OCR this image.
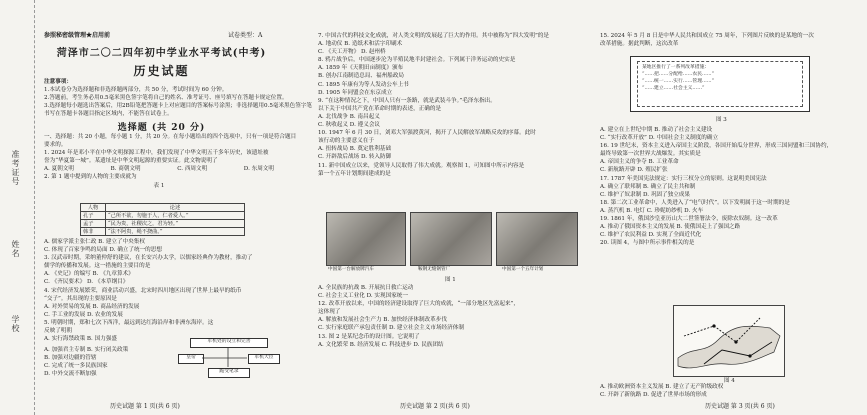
准考证号
姓名
学校
参照秘密级管理★启用前	试卷类型：A
菏泽市二〇二四年初中学业水平考试(中考)
历史试题
注意事项：
1.本试卷分为选择题和非选择题两部分，共 50 分，考试时间为 60 分钟。
2.答题前，考生务必用0.5毫米黑色签字笔将自己的姓名、准考证号、座号填写在答题卡规定位置。
3.选择题每小题选出答案后，用2B铅笔把答题卡上对应题目的答案标号涂黑；非选择题用0.5毫米黑色签字笔
书写在答题卡各题目指定区域内，不能答在试卷上。
选择题 (共 20 分)
一、选择题：共 20 小题，每小题 1 分，共 20 分。在每小题给出的四个选项中，只有一项是符合题目
要求的。
1. 2024 年是邓小平在中华文明探源工程中，我们发现了中华文明五千多年历史，该遗址被
誉为“华夏第一城”。某遗址是中华文明起源的重要实证。此文物说明了
A. 夏朝文明	B. 商朝文明	C. 西周文明	D. 东周文明
2. 第 1 题中提到的人物的主要成就为
表 1
人物	论述
孔子	“己所不欲，勿施于人，仁者爱人。”
孟子	“民为贵，社稷次之，君为轻。”
韩非	“法不阿贵，绳不挠曲。”
A. 儒家学派主张仁政 B. 建立了中央集权
C. 体现了百家争鸣的局面 D. 确立了统一的思想
3. 汉武帝时期，采纳董仲舒的建议，在长安兴办太学，以儒家经典作为教材，推动了
儒学的传播和发展。这一措施的主要目的是
A. 《史记》的编写 B. 《九章算术》
C. 《齐民要术》 D. 《本草纲目》
4. 宋代经济发展繁荣，商业活动兴盛，北宋时四川地区出现了世界上最早的纸币
“交子”。其出现的主要原因是
A. 对外贸易的发展 B. 商品经济的发展
C. 手工业的发展 D. 农业的发展
5. 明朝时期，郑和七次下西洋，最远到达红海沿岸和非洲东海岸。这
反映了明朝
A. 实行海禁政策 B. 国力强盛
A. 加强君主专制 B. 实行闭关政策
B. 加强对边疆的管辖
C. 完成了统一多民族国家
D. 中外交流不断加强
军机处的设立和完善
皇帝	军机大臣
跪受笔录
历史试题 第 1 页(共 6 页)
7. 中国古代的科技文化成就，对人类文明的发展起了巨大的作用。其中被称为“四大发明”的是
A. 地动仪 B. 造纸术和活字印刷术
C. 《天工开物》 D. 赵州桥
8. 鸦片战争后，中国逐步沦为半殖民地半封建社会。下列属于洋务运动的史实是
A. 1859 年《天朝田亩制度》颁布
B. 创办江南制造总局、福州船政局
C. 1895 年康有为等人发动公车上书
D. 1905 年同盟会在东京成立
9. “在这种情况之下，中国人只有一条路，就是武装斗争。”毛泽东指出。
以下关于中国共产党在革命时期的表述，正确的是
A. 北伐战争 B. 南昌起义
C. 秋收起义 D. 遵义会议
10. 1947 年 6 月 30 日，刘邓大军强渡黄河，揭开了人民解放军战略反攻的序幕。此时
该行动的主要意义在于
A. 扭转战局 B. 奠定胜利基础
C. 开辟敌后战场 D. 转入防御
11. 新中国成立以来，党领导人民取得了伟大成就。观察图 1，可知图中所示内容是
第一个五年计划期间建成的是
中国第一台解放牌汽车	鞍钢无缝钢管厂	中国第一个五年计划
图 1
A. 全民族的抗战 B. 开展抗日救亡运动
C. 社会主义工业化 D. 实现国家统一
12. 改革开放以来，中国的经济建设取得了巨大的成就，“一部分地区先富起来”，
这体现了
A. 解放和发展社会生产力 B. 加快经济体制改革步伐
C. 实行家庭联产承包责任制 D. 建立社会主义市场经济体制
13. 图 2 是某纪念币的设计图。它说明了
A. 文化繁荣 B. 经济发展 C. 科技进步 D. 民族团结
历史试题 第 2 页(共 6 页)
15. 2024 年 5 月 8 日是中华人民共和国成立 75 周年，下列图片反映的是某地的一次
改革措施。据此判断，这次改革
某地区推行了一系列改革措施：
“……把……分配给……农民……”
“……统一……实行……管理……”
“……建立……社会主义……”
图 3
A. 建立在上世纪中期 B. 推动了社会主义建设
C. “实行改革开放” D. 中国社会主义制度的确立
16. 19 世纪末，资本主义进入帝国主义阶段，各国开始瓜分世界，形成三国同盟和三国协约，
最终导致第一次世界大战爆发。其实质是
A. 帝国主义的争夺 B. 工业革命
C. 新航路开辟 D. 殖民扩张
17. 1787 年美国宪法规定：实行三权分立的原则。这说明美国宪法
A. 确立了联邦制 B. 确立了民主共和制
C. 维护了奴隶制 D. 巩固了独立成果
18. 第二次工业革命中，人类进入了“电气时代”。以下发明属于这一时期的是
A. 蒸汽机 B. 电灯 C. 珍妮纺纱机 D. 火车
19. 1861 年，俄国沙皇亚历山大二世签署法令，废除农奴制。这一改革
A. 推动了俄国资本主义的发展 B. 使俄国走上了强国之路
C. 维护了农民利益 D. 实现了全面近代化
20. 读图 4，与图中所示事件相关的是
图 4
A. 推动欧洲资本主义发展 B. 建立了无产阶级政权
C. 开辟了新航路 D. 促进了世界市场的形成
历史试题 第 3 页(共 6 页)
